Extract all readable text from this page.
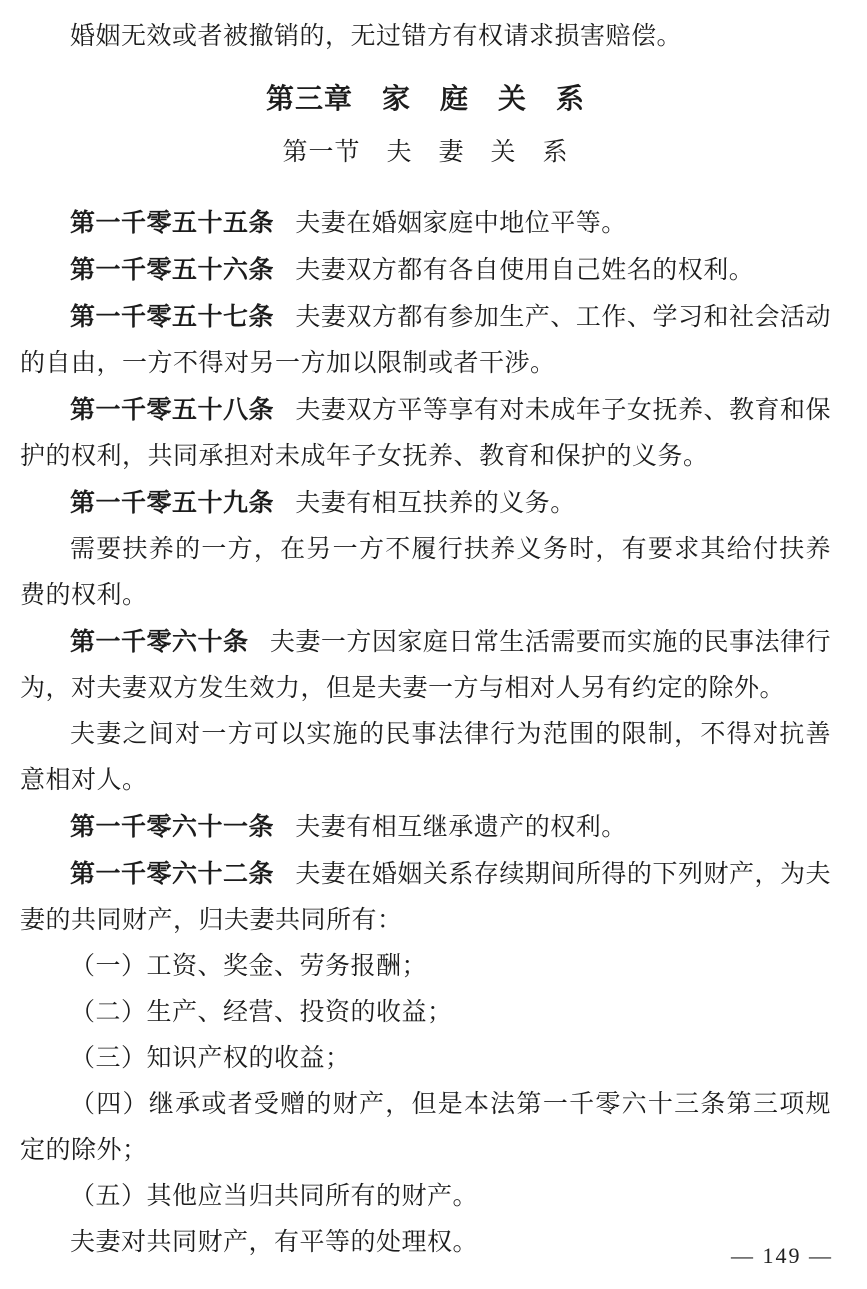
婚姻无效或者被撤销的，无过错方有权请求损害赔偿。

第三章　家　庭　关　系
第一节　夫　妻　关　系

第一千零五十五条 夫妻在婚姻家庭中地位平等。

第一千零五十六条 夫妻双方都有各自使用自己姓名的权利。

第一千零五十七条 夫妻双方都有参加生产、工作、学习和社会活动的自由，一方不得对另一方加以限制或者干涉。

第一千零五十八条 夫妻双方平等享有对未成年子女抚养、教育和保护的权利，共同承担对未成年子女抚养、教育和保护的义务。

第一千零五十九条 夫妻有相互扶养的义务。

需要扶养的一方，在另一方不履行扶养义务时，有要求其给付扶养费的权利。

第一千零六十条 夫妻一方因家庭日常生活需要而实施的民事法律行为，对夫妻双方发生效力，但是夫妻一方与相对人另有约定的除外。

夫妻之间对一方可以实施的民事法律行为范围的限制，不得对抗善意相对人。

第一千零六十一条 夫妻有相互继承遗产的权利。

第一千零六十二条 夫妻在婚姻关系存续期间所得的下列财产，为夫妻的共同财产，归夫妻共同所有：

（一）工资、奖金、劳务报酬；

（二）生产、经营、投资的收益；

（三）知识产权的收益；

（四）继承或者受赠的财产，但是本法第一千零六十三条第三项规定的除外；

（五）其他应当归共同所有的财产。

夫妻对共同财产，有平等的处理权。	— 149 —
